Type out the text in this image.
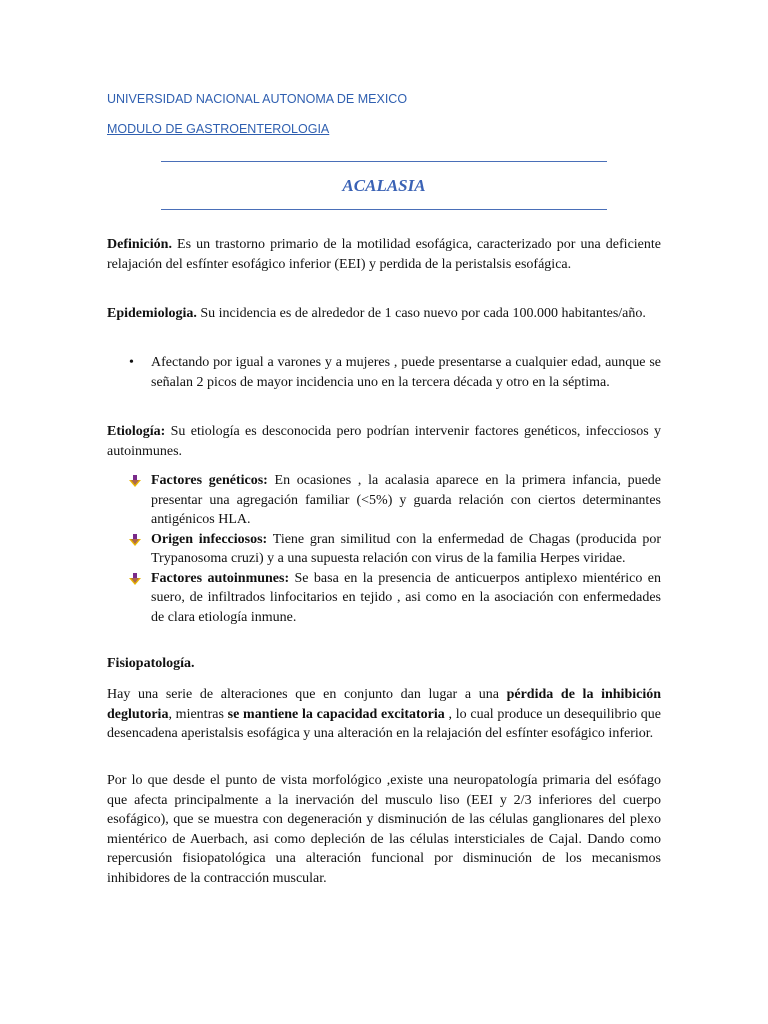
UNIVERSIDAD NACIONAL AUTONOMA DE MEXICO

MODULO DE GASTROENTEROLOGIA

ACALASIA

Definición. Es un trastorno primario de la motilidad esofágica, caracterizado por una deficiente relajación del esfínter esofágico inferior (EEI) y perdida de la peristalsis esofágica.

Epidemiologia. Su incidencia es de alrededor de 1 caso nuevo por cada 100.000 habitantes/año.

• Afectando por igual a varones y a mujeres , puede presentarse a cualquier edad, aunque se señalan 2 picos de mayor incidencia uno en la tercera década y otro en la séptima.

Etiología: Su etiología es desconocida pero podrían intervenir factores genéticos, infecciosos y autoinmunes.

Factores genéticos: En ocasiones , la acalasia aparece en la primera infancia, puede presentar una agregación familiar (<5%) y guarda relación con ciertos determinantes antigénicos HLA.
Origen infecciosos: Tiene gran similitud con la enfermedad de Chagas (producida por Trypanosoma cruzi) y a una supuesta relación con virus de la familia Herpes viridae.
Factores autoinmunes: Se basa en la presencia de anticuerpos antiplexo mientérico en suero, de infiltrados linfocitarios en tejido , asi como en la asociación con enfermedades de clara etiología inmune.

Fisiopatología.

Hay una serie de alteraciones que en conjunto dan lugar a una pérdida de la inhibición deglutoria, mientras se mantiene la capacidad excitatoria , lo cual produce un desequilibrio que desencadena aperistalsis esofágica y una alteración en la relajación del esfínter esofágico inferior.

Por lo que desde el punto de vista morfológico ,existe una neuropatología primaria del esófago que afecta principalmente a la inervación del musculo liso (EEI y 2/3 inferiores del cuerpo esofágico), que se muestra con degeneración y disminución de las células ganglionares del plexo mientérico de Auerbach, asi como depleción de las células intersticiales de Cajal. Dando como repercusión fisiopatológica una alteración funcional por disminución de los mecanismos inhibidores de la contracción muscular.
